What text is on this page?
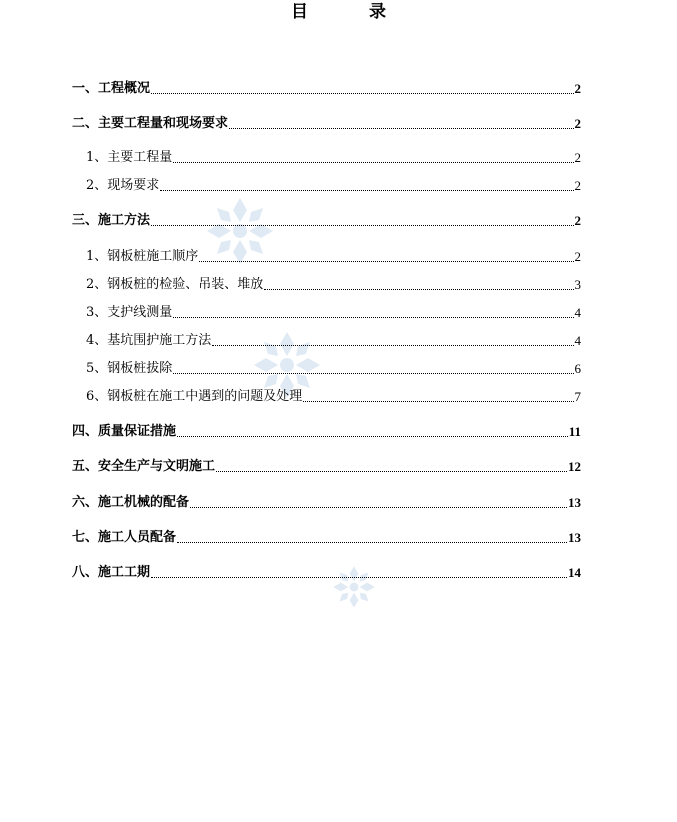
目　录
一、工程概况	2
二、主要工程量和现场要求	2
1、主要工程量	2
2、现场要求	2
三、施工方法	2
1、钢板桩施工顺序	2
2、钢板桩的检验、吊装、堆放	3
3、支护线测量	4
4、基坑围护施工方法	4
5、钢板桩拔除	6
6、钢板桩在施工中遇到的问题及处理	7
四、质量保证措施	11
五、安全生产与文明施工	12
六、施工机械的配备	13
七、施工人员配备	13
八、施工工期	14
